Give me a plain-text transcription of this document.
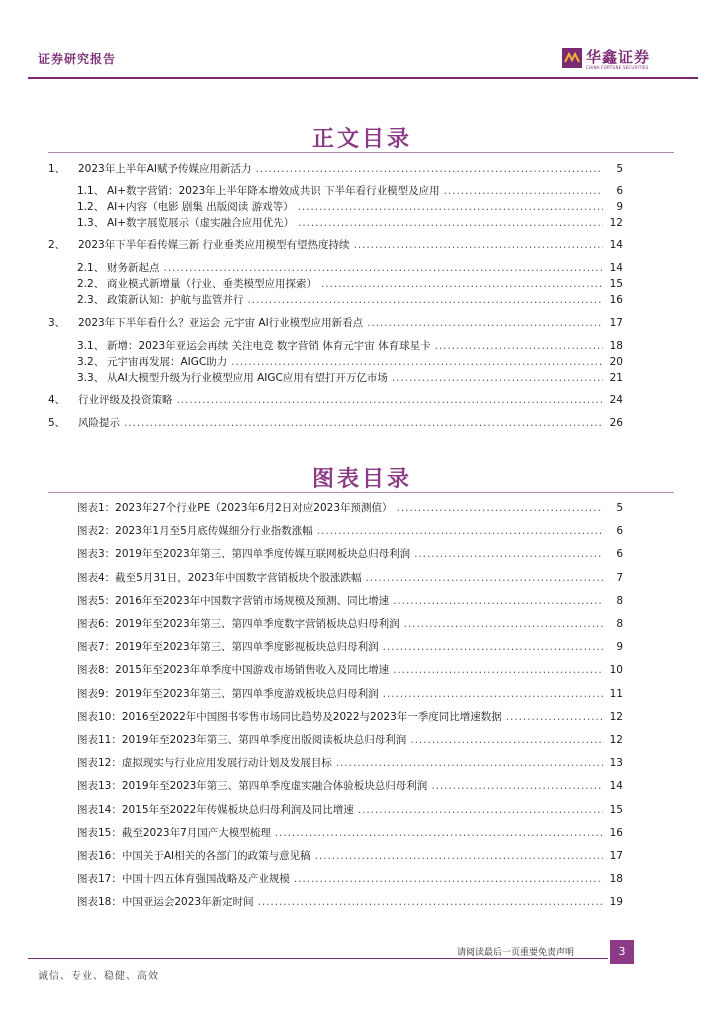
证券研究报告	华鑫证券
CHINA FORTUNE SECURITIES
正文目录
1、	2023年上半年AI赋予传媒应用新活力 . . .	5
1.1、 AI+数字营销：2023年上半年降本增效成共识 下半年看行业模型及应用 . . .	6
1.2、 AI+内容（电影 剧集 出版阅读 游戏等） . . .	9
1.3、 AI+数字展览展示（虚实融合应用优先） . . .	12
2、	2023年下半年看传媒三新 行业垂类应用模型有望热度持续 . . .	14
2.1、 财务新起点 . . .	14
2.2、 商业模式新增量（行业、垂类模型应用探索） . . .	15
2.3、 政策新认知：护航与监管并行 . . .	16
3、	2023年下半年看什么？亚运会 元宇宙 AI行业模型应用新看点 . . .	17
3.1、 新增：2023年亚运会再续 关注电竞 数字营销 体育元宇宙 体育球星卡 . . .	18
3.2、 元宇宙再发展：AIGC助力 . . .	20
3.3、 从AI大模型升级为行业模型应用 AIGC应用有望打开万亿市场 . . .	21
4、	行业评级及投资策略 . . .	24
5、	风险提示 . . .	26
图表目录
图表1：2023年27个行业PE（2023年6月2日对应2023年预测值） . . .	5
图表2：2023年1月至5月底传媒细分行业指数涨幅 . . .	6
图表3：2019年至2023年第三、第四单季度传媒互联网板块总归母利润 . . .	6
图表4：截至5月31日，2023年中国数字营销板块个股涨跌幅 . . .	7
图表5：2016年至2023年中国数字营销市场规模及预测、同比增速 . . .	8
图表6：2019年至2023年第三、第四单季度数字营销板块总归母利润 . . .	8
图表7：2019年至2023年第三、第四单季度影视板块总归母利润 . . .	9
图表8：2015年至2023年单季度中国游戏市场销售收入及同比增速 . . .	10
图表9：2019年至2023年第三、第四单季度游戏板块总归母利润 . . .	11
图表10：2016至2022年中国图书零售市场同比趋势及2022与2023年一季度同比增速数据 . . .	12
图表11：2019年至2023年第三、第四单季度出版阅读板块总归母利润 . . .	12
图表12：虚拟现实与行业应用发展行动计划及发展目标 . . .	13
图表13：2019年至2023年第三、第四单季度虚实融合体验板块总归母利润 . . .	14
图表14：2015年至2022年传媒板块总归母利润及同比增速 . . .	15
图表15：截至2023年7月国产大模型梳理 . . .	16
图表16：中国关于AI相关的各部门的政策与意见稿 . . .	17
图表17：中国十四五体育强国战略及产业规模 . . .	18
图表18：中国亚运会2023年新定时间 . . .	19
请阅读最后一页重要免责声明	3
诚信、专业、稳健、高效
